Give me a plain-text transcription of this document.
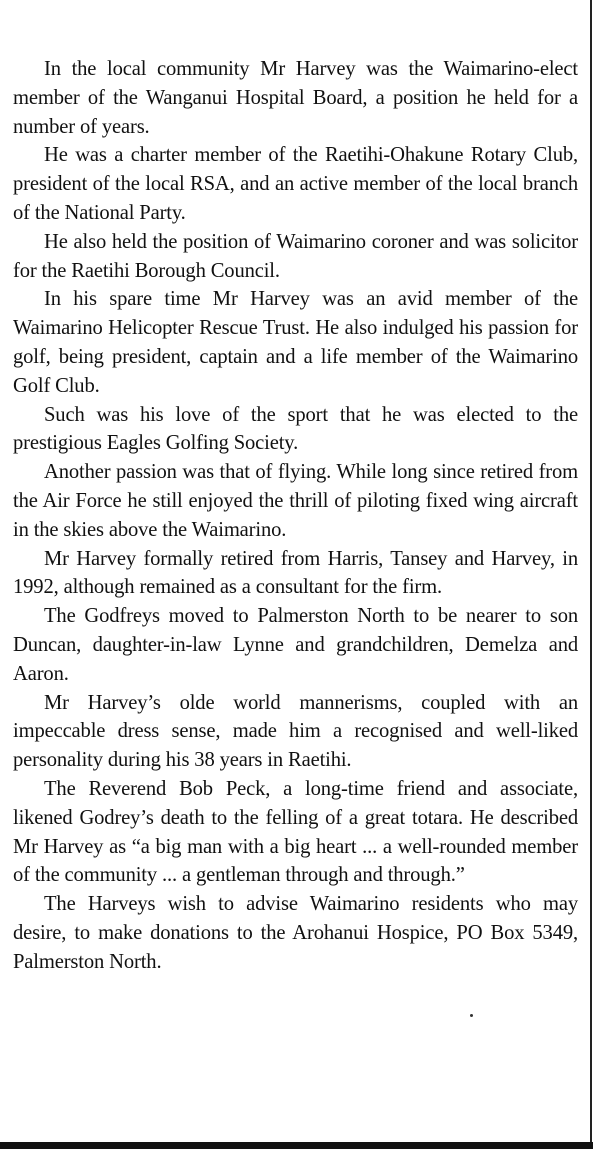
In the local community Mr Harvey was the Waimarino-elect member of the Wanganui Hospital Board, a position he held for a number of years.

He was a charter member of the Raetihi-Ohakune Rotary Club, president of the local RSA, and an active member of the local branch of the National Party.

He also held the position of Waimarino coroner and was solicitor for the Raetihi Borough Council.

In his spare time Mr Harvey was an avid member of the Waimarino Helicopter Rescue Trust. He also indulged his passion for golf, being president, captain and a life member of the Waimarino Golf Club.

Such was his love of the sport that he was elected to the prestigious Eagles Golfing Society.

Another passion was that of flying. While long since retired from the Air Force he still enjoyed the thrill of piloting fixed wing aircraft in the skies above the Waimarino.

Mr Harvey formally retired from Harris, Tansey and Harvey, in 1992, although remained as a consultant for the firm.

The Godfreys moved to Palmerston North to be nearer to son Duncan, daughter-in-law Lynne and grandchildren, Demelza and Aaron.

Mr Harvey’s olde world mannerisms, coupled with an impeccable dress sense, made him a recognised and well-liked personality during his 38 years in Raetihi.

The Reverend Bob Peck, a long-time friend and associate, likened Godrey’s death to the felling of a great totara. He described Mr Harvey as “a big man with a big heart ... a well-rounded member of the community ... a gentleman through and through.”

The Harveys wish to advise Waimarino residents who may desire, to make donations to the Arohanui Hospice, PO Box 5349, Palmerston North.
